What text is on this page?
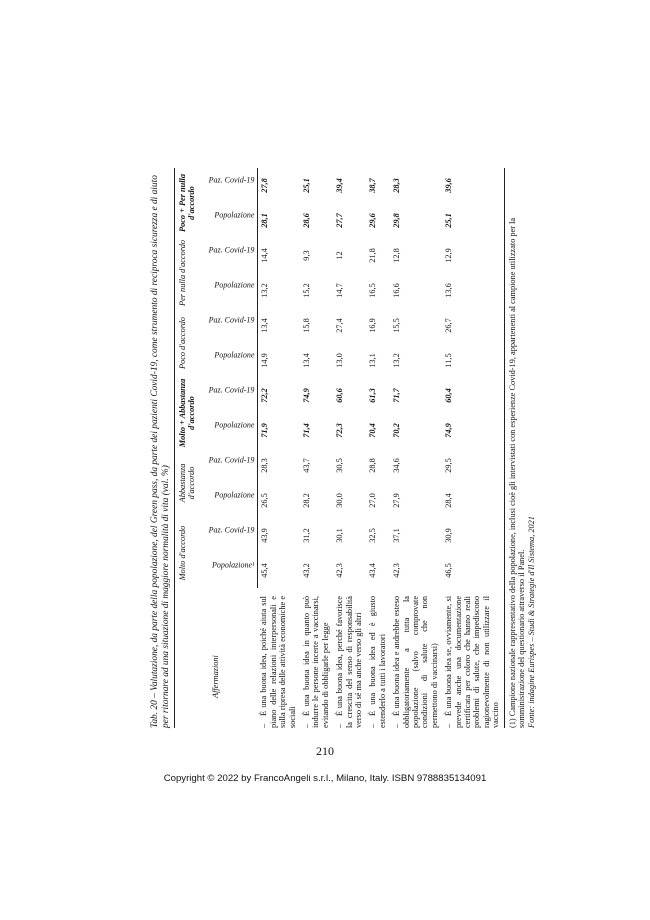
Tab. 20 – Valutazione, da parte della popolazione, del Green pass, da parte dei pazienti Covid-19, come strumento di reciproca sicurezza e di aiuto per ritornare ad una situazione di maggiore normalità di vita (val. %)	Affermazioni	Molto d'accordo		Abbastanza d'accordo		Molto + Abbastanza d'accordo		Poco d'accordo		Per nulla d'accordo		Poco + Per nulla d'accordo	

	Popolazione¹	Paz. Covid-19	Popolazione	Paz. Covid-19	Popolazione	Paz. Covid-19	Popolazione	Paz. Covid-19	Popolazione	Paz. Covid-19	Popolazione	Paz. Covid-19

–È una buona idea, poiché aiuta sul piano delle relazioni interpersonali e sulla ripresa delle attività economiche e sociali	45,4	43,9	26,5	28,3	71,9	72,2	14,9	13,4	13,2	14,4	28,1	27,8
–È una buona idea in quanto può indurre le persone incerte a vaccinarsi, evitando di obbligarle per legge	43,2	31,2	28,2	43,7	71,4	74,9	13,4	15,8	15,2	9,3	28,6	25,1
–È una buona idea, perché favorisce la crescita del senso di responsabilità verso di sé ma anche verso gli altri	42,3	30,1	30,0	30,5	72,3	60,6	13,0	27,4	14,7	12	27,7	39,4
–È una buona idea ed è giusto estenderlo a tutti i lavoratori	43,4	32,5	27,0	28,8	70,4	61,3	13,1	16,9	16,5	21,8	29,6	38,7
–È una buona idea e andrebbe esteso obbligatoriamente a tutta la popolazione (salvo comprovate condizioni di salute che non permettono di vaccinarsi)	42,3	37,1	27,9	34,6	70,2	71,7	13,2	15,5	16,6	12,8	29,8	28,3
–È una buona idea se, ovviamente, si prevede anche una documentazione certificata per coloro che hanno reali problemi di salute, che impediscono ragionevolmente di non utilizzare il vaccino	46,5	30,9	28,4	29,5	74,9	60,4	11,5	26,7	13,6	12,9	25,1	39,6
(1) Campione nazionale rappresentativo della popolazione, inclusi cioè gli intervistati con esperienze Covid-19, appartenenti al campione utilizzato per la somministrazione del questionario attraverso il Panel. Fonte: indagine Eurispes – Studi & Strategie d'Il Sistema, 2021
210
Copyright © 2022 by FrancoAngeli s.r.l., Milano, Italy. ISBN 9788835134091
